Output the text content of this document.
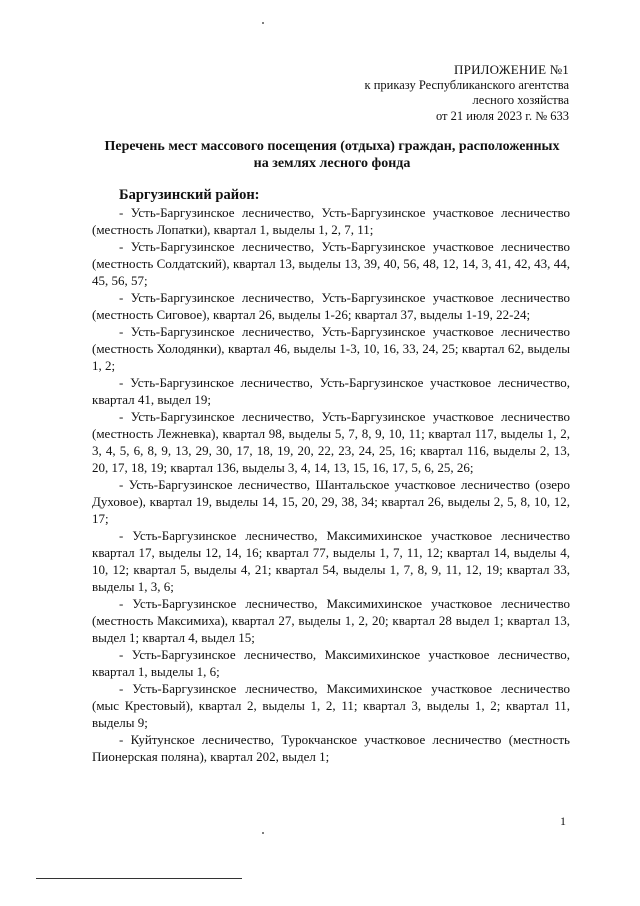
ПРИЛОЖЕНИЕ №1
к приказу Республиканского агентства
лесного хозяйства
от 21 июля 2023 г. № 633
Перечень мест массового посещения (отдыха) граждан, расположенных
на землях лесного фонда
Баргузинский район:

- Усть-Баргузинское лесничество, Усть-Баргузинское участковое лесничество (местность Лопатки), квартал 1, выделы 1, 2, 7, 11;

- Усть-Баргузинское лесничество, Усть-Баргузинское участковое лесничество (местность Солдатский), квартал 13, выделы 13, 39, 40, 56, 48, 12, 14, 3, 41, 42, 43, 44, 45, 56, 57;

- Усть-Баргузинское лесничество, Усть-Баргузинское участковое лесничество (местность Сиговое), квартал 26, выделы 1-26; квартал 37, выделы 1-19, 22-24;

- Усть-Баргузинское лесничество, Усть-Баргузинское участковое лесничество (местность Холодянки), квартал 46, выделы 1-3, 10, 16, 33, 24, 25; квартал 62, выделы 1, 2;

- Усть-Баргузинское лесничество, Усть-Баргузинское участковое лесничество, квартал 41, выдел 19;

- Усть-Баргузинское лесничество, Усть-Баргузинское участковое лесничество (местность Лежневка), квартал 98, выделы 5, 7, 8, 9, 10, 11; квартал 117, выделы 1, 2, 3, 4, 5, 6, 8, 9, 13, 29, 30, 17, 18, 19, 20, 22, 23, 24, 25, 16; квартал 116, выделы 2, 13, 20, 17, 18, 19; квартал 136, выделы 3, 4, 14, 13, 15, 16, 17, 5, 6, 25, 26;

- Усть-Баргузинское лесничество, Шантальское участковое лесничество (озеро Духовое), квартал 19, выделы 14, 15, 20, 29, 38, 34; квартал 26, выделы 2, 5, 8, 10, 12, 17;

- Усть-Баргузинское лесничество, Максимихинское участковое лесничество квартал 17, выделы 12, 14, 16; квартал 77, выделы 1, 7, 11, 12; квартал 14, выделы 4, 10, 12; квартал 5, выделы 4, 21; квартал 54, выделы 1, 7, 8, 9, 11, 12, 19; квартал 33, выделы 1, 3, 6;

- Усть-Баргузинское лесничество, Максимихинское участковое лесничество (местность Максимиха), квартал 27, выделы 1, 2, 20; квартал 28 выдел 1; квартал 13, выдел 1; квартал 4, выдел 15;

- Усть-Баргузинское лесничество, Максимихинское участковое лесничество, квартал 1, выделы 1, 6;

- Усть-Баргузинское лесничество, Максимихинское участковое лесничество (мыс Крестовый), квартал 2, выделы 1, 2, 11; квартал 3, выделы 1, 2; квартал 11, выделы 9;

- Куйтунское лесничество, Турокчанское участковое лесничество (местность Пионерская поляна), квартал 202, выдел 1;

1
